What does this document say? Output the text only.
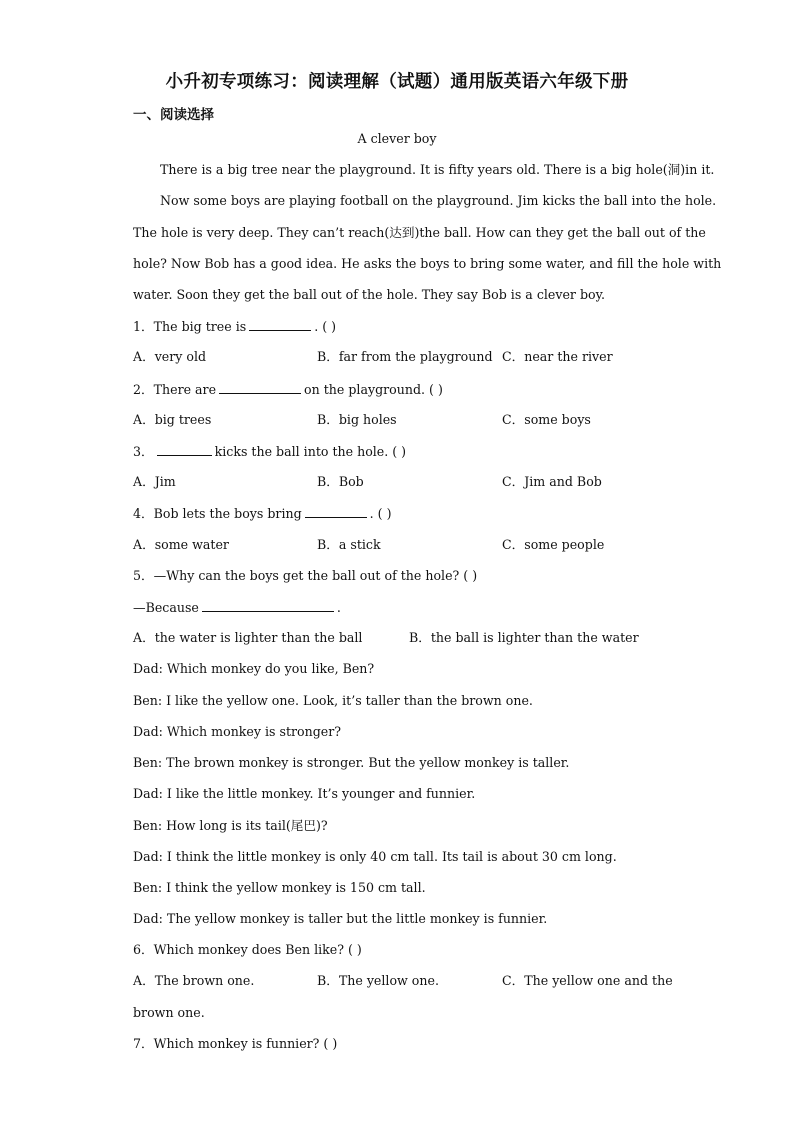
小升初专项练习：阅读理解（试题）通用版英语六年级下册
一、阅读选择
A clever boy
There is a big tree near the playground. It is fifty years old. There is a big hole(洞)in it.
Now some boys are playing football on the playground. Jim kicks the ball into the hole.
The hole is very deep. They can’t reach(达到)the ball. How can they get the ball out of the
hole? Now Bob has a good idea. He asks the boys to bring some water, and fill the hole with
water. Soon they get the ball out of the hole. They say Bob is a clever boy.
1．The big tree is	. ( )
A．very old	B．far from the playground C．near the river
2．There are	on the playground. ( )
A．big trees	B．big holes	C．some boys
3．	kicks the ball into the hole. ( )
A．Jim	B．Bob	C．Jim and Bob
4．Bob lets the boys bring	. ( )
A．some water	B．a stick	C．some people
5．—Why can the boys get the ball out of the hole? ( )
—Because	.
A．the water is lighter than the ball	B．the ball is lighter than the water
Dad: Which monkey do you like, Ben?
Ben: I like the yellow one. Look, it’s taller than the brown one.
Dad: Which monkey is stronger?
Ben: The brown monkey is stronger. But the yellow monkey is taller.
Dad: I like the little monkey. It’s younger and funnier.
Ben: How long is its tail(尾巴)?
Dad: I think the little monkey is only 40 cm tall. Its tail is about 30 cm long.
Ben: I think the yellow monkey is 150 cm tall.
Dad: The yellow monkey is taller but the little monkey is funnier.
6．Which monkey does Ben like? ( )
A．The brown one.	B．The yellow one.	C．The yellow one and the
brown one.
7．Which monkey is funnier? ( )
